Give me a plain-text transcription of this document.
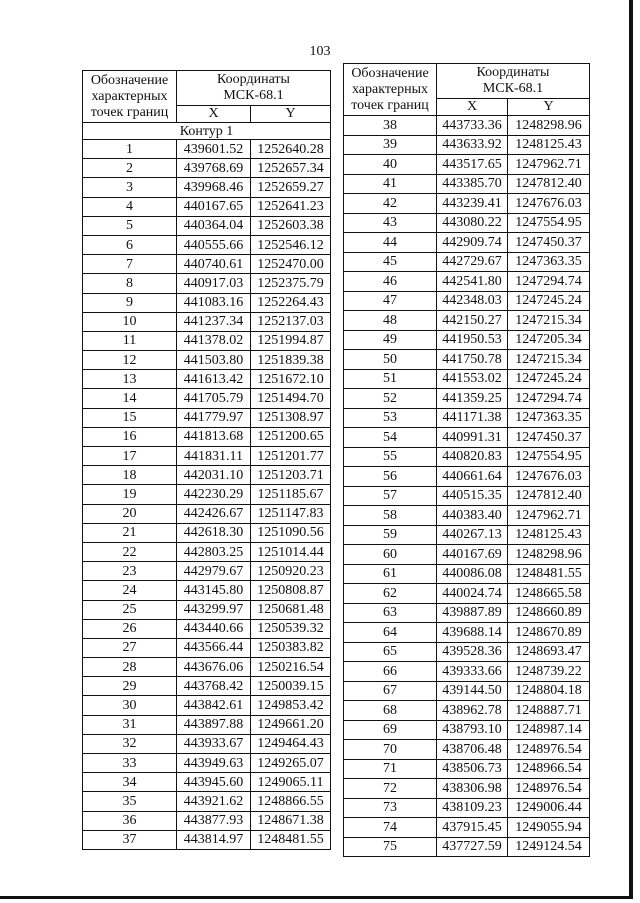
103
Обозначение
характерных
точек границ	Координаты
МСК-68.1	
	X	Y
Контур 1		
1	439601.52	1252640.28
2	439768.69	1252657.34
3	439968.46	1252659.27
4	440167.65	1252641.23
5	440364.04	1252603.38
6	440555.66	1252546.12
7	440740.61	1252470.00
8	440917.03	1252375.79
9	441083.16	1252264.43
10	441237.34	1252137.03
11	441378.02	1251994.87
12	441503.80	1251839.38
13	441613.42	1251672.10
14	441705.79	1251494.70
15	441779.97	1251308.97
16	441813.68	1251200.65
17	441831.11	1251201.77
18	442031.10	1251203.71
19	442230.29	1251185.67
20	442426.67	1251147.83
21	442618.30	1251090.56
22	442803.25	1251014.44
23	442979.67	1250920.23
24	443145.80	1250808.87
25	443299.97	1250681.48
26	443440.66	1250539.32
27	443566.44	1250383.82
28	443676.06	1250216.54
29	443768.42	1250039.15
30	443842.61	1249853.42
31	443897.88	1249661.20
32	443933.67	1249464.43
33	443949.63	1249265.07
34	443945.60	1249065.11
35	443921.62	1248866.55
36	443877.93	1248671.38
37	443814.97	1248481.55
Обозначение
характерных
точек границ	Координаты
МСК-68.1	
	X	Y
38	443733.36	1248298.96
39	443633.92	1248125.43
40	443517.65	1247962.71
41	443385.70	1247812.40
42	443239.41	1247676.03
43	443080.22	1247554.95
44	442909.74	1247450.37
45	442729.67	1247363.35
46	442541.80	1247294.74
47	442348.03	1247245.24
48	442150.27	1247215.34
49	441950.53	1247205.34
50	441750.78	1247215.34
51	441553.02	1247245.24
52	441359.25	1247294.74
53	441171.38	1247363.35
54	440991.31	1247450.37
55	440820.83	1247554.95
56	440661.64	1247676.03
57	440515.35	1247812.40
58	440383.40	1247962.71
59	440267.13	1248125.43
60	440167.69	1248298.96
61	440086.08	1248481.55
62	440024.74	1248665.58
63	439887.89	1248660.89
64	439688.14	1248670.89
65	439528.36	1248693.47
66	439333.66	1248739.22
67	439144.50	1248804.18
68	438962.78	1248887.71
69	438793.10	1248987.14
70	438706.48	1248976.54
71	438506.73	1248966.54
72	438306.98	1248976.54
73	438109.23	1249006.44
74	437915.45	1249055.94
75	437727.59	1249124.54
